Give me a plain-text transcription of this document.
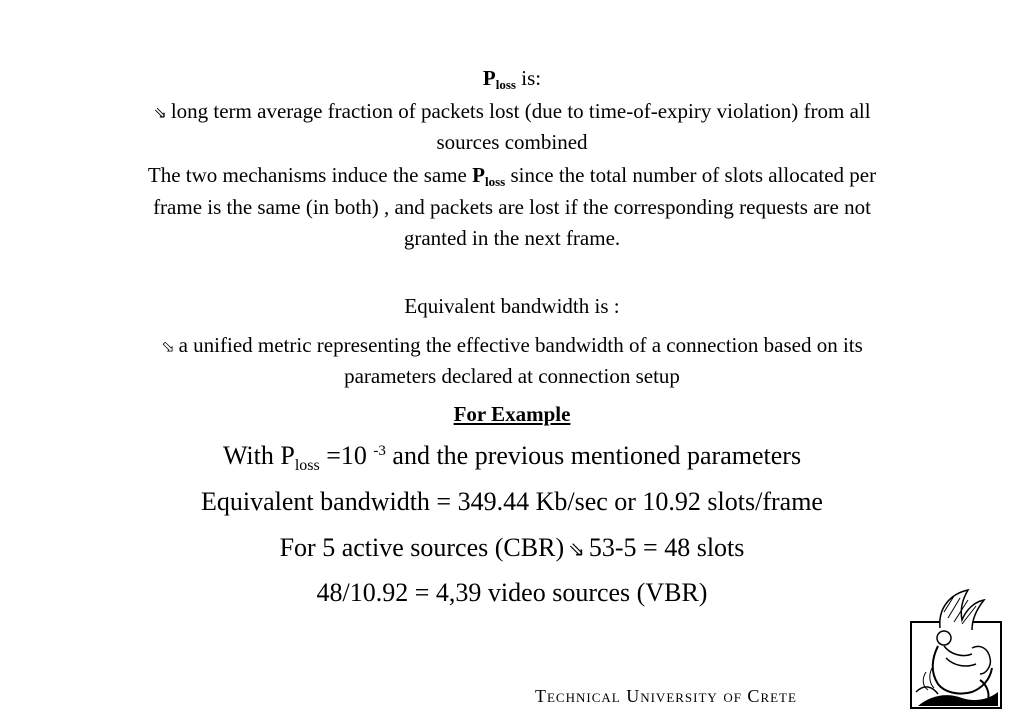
$P_{loss}$ is:
⇘ long term average fraction of packets lost (due to time-of-expiry violation) from all
sources combined
The two mechanisms induce the same $P_{loss}$ since the total number of slots allocated per
frame is the same (in both) , and packets are lost if the corresponding requests are not
granted in the next frame.
Equivalent bandwidth is :
⬂ a unified metric representing the effective bandwidth of a connection based on its
parameters declared at connection setup
For Example
With $P_{loss} =10$ $^{-3}$ and the previous mentioned parameters
Equivalent bandwidth = 349.44 Kb/sec or 10.92 slots/frame
For 5 active sources (CBR) ⇘ 53-5 = 48 slots
48/10.92 = 4,39 video sources (VBR)
Technical University of Crete
